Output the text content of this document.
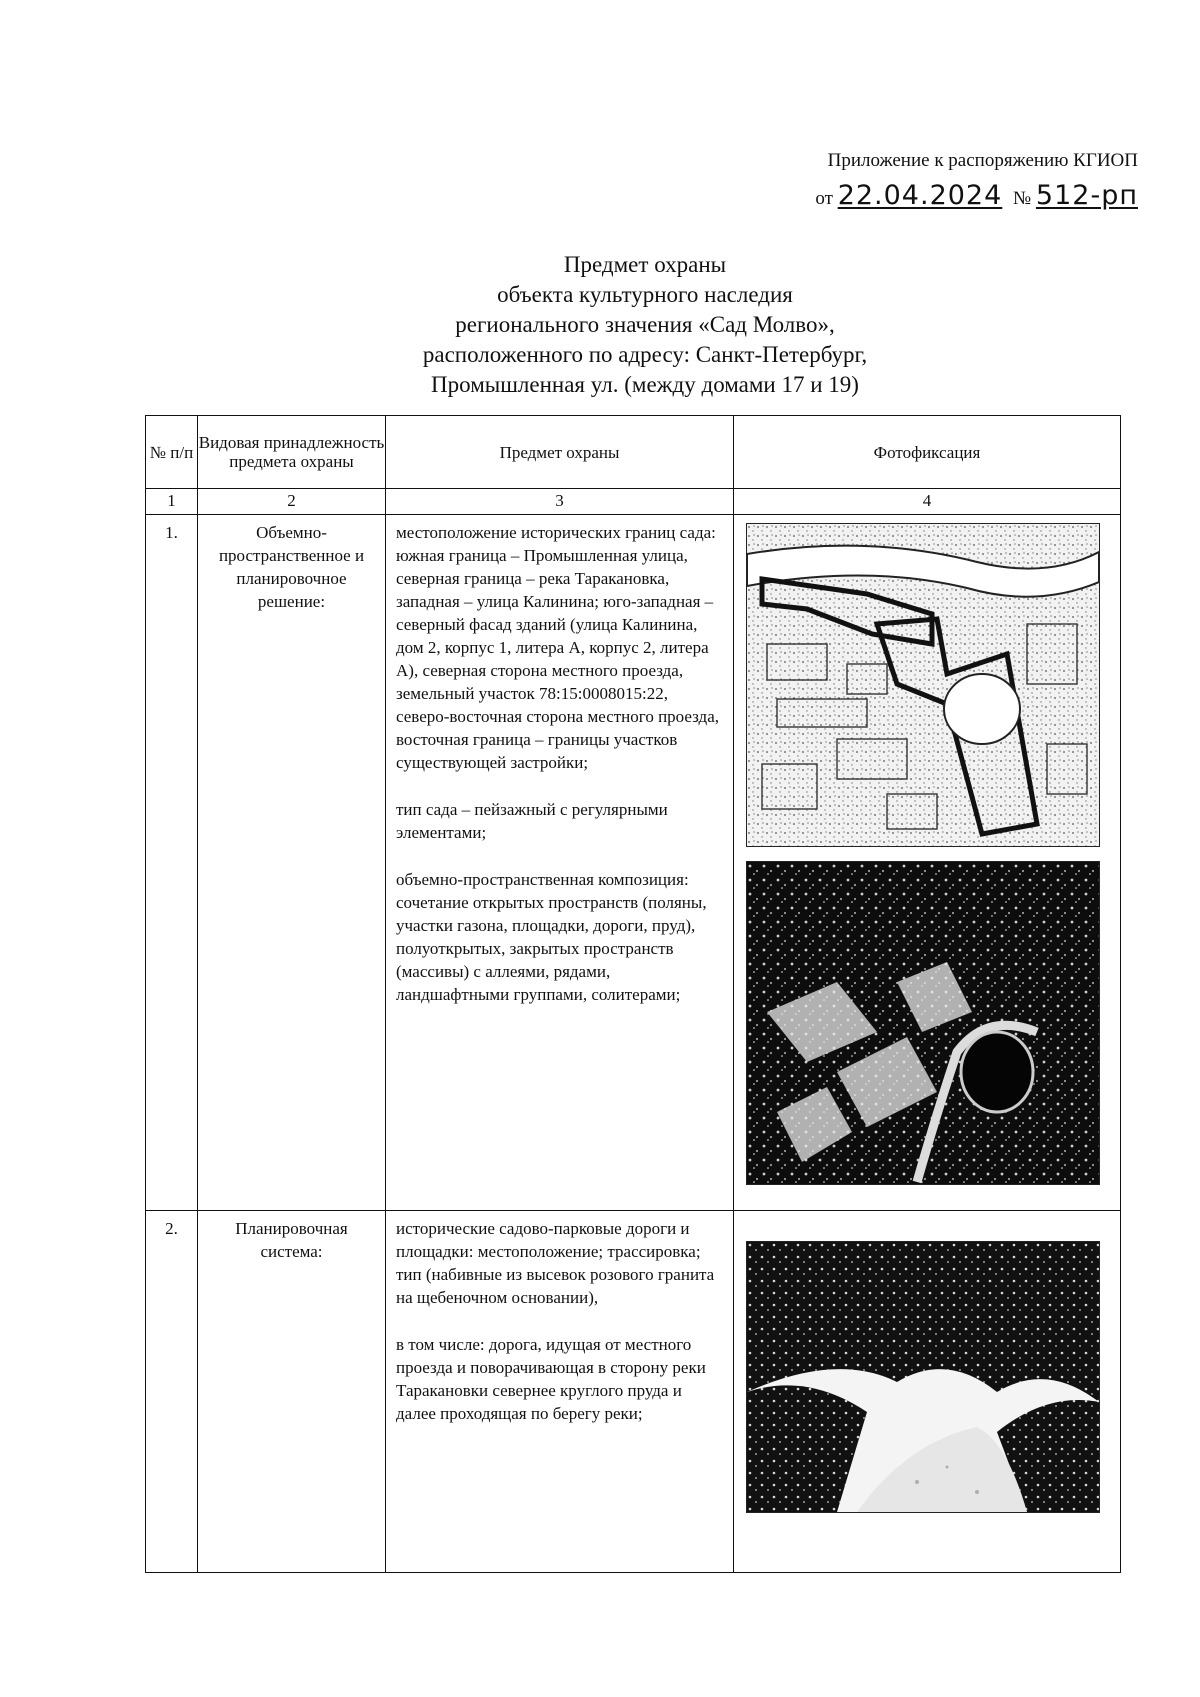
Приложение к распоряжению КГИОП
от 22.04.2024 № 512-рп
Предмет охраны
объекта культурного наследия
регионального значения «Сад Молво»,
расположенного по адресу: Санкт-Петербург,
Промышленная ул. (между домами 17 и 19)
№ п/п	Видовая принадлежность предмета охраны	Предмет охраны	Фотофиксация
1	2	3	4
1.	Объемно-пространственное и планировочное решение:	местоположение исторических границ сада: южная граница – Промышленная улица, северная граница – река Таракановка, западная – улица Калинина; юго-западная – северный фасад зданий (улица Калинина, дом 2, корпус 1, литера А, корпус 2, литера А), северная сторона местного проезда, земельный участок 78:15:0008015:22, северо-восточная сторона местного проезда, восточная граница – границы участков существующей застройки;

тип сада – пейзажный с регулярными элементами;

объемно-пространственная композиция: сочетание открытых пространств (поляны, участки газона, площадки, дороги, пруд), полуоткрытых, закрытых пространств (массивы) с аллеями, рядами, ландшафтными группами, солитерами;

2.	Планировочная система:	исторические садово-парковые дороги и площадки: местоположение; трассировка; тип (набивные из высевок розового гранита на щебеночном основании),

в том числе: дорога, идущая от местного проезда и поворачивающая в сторону реки Таракановки севернее круглого пруда и далее проходящая по берегу реки;
